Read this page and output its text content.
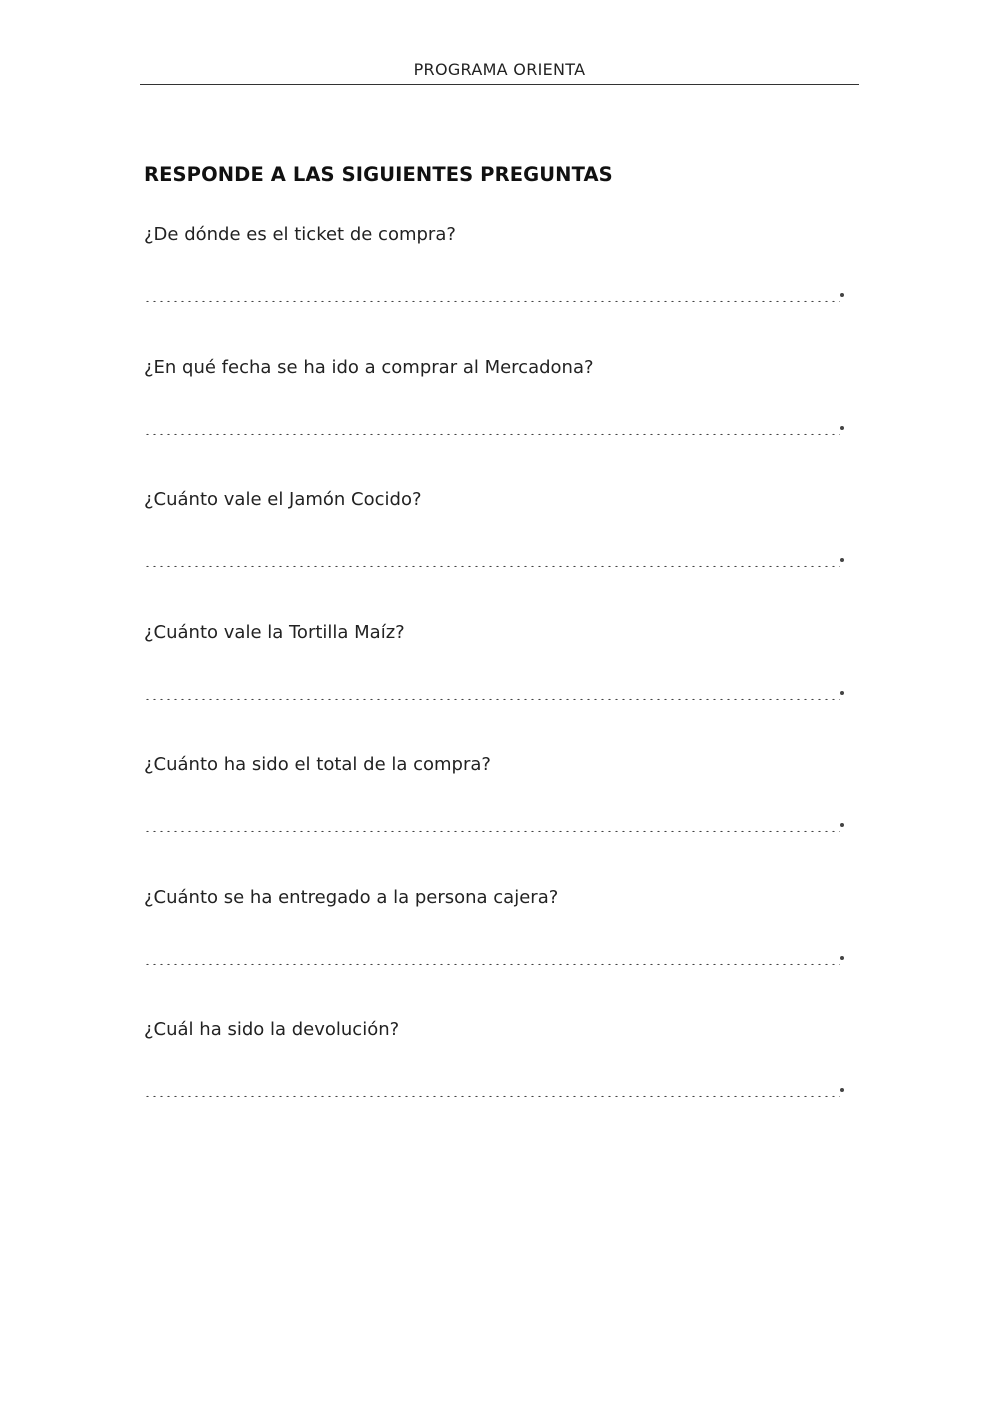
PROGRAMA ORIENTA
RESPONDE A LAS SIGUIENTES PREGUNTAS
¿De dónde es el ticket de compra?
¿En qué fecha se ha ido a comprar al Mercadona?
¿Cuánto vale el Jamón Cocido?
¿Cuánto vale la Tortilla Maíz?
¿Cuánto ha sido el total de la compra?
¿Cuánto se ha entregado a la persona cajera?
¿Cuál ha sido la devolución?
